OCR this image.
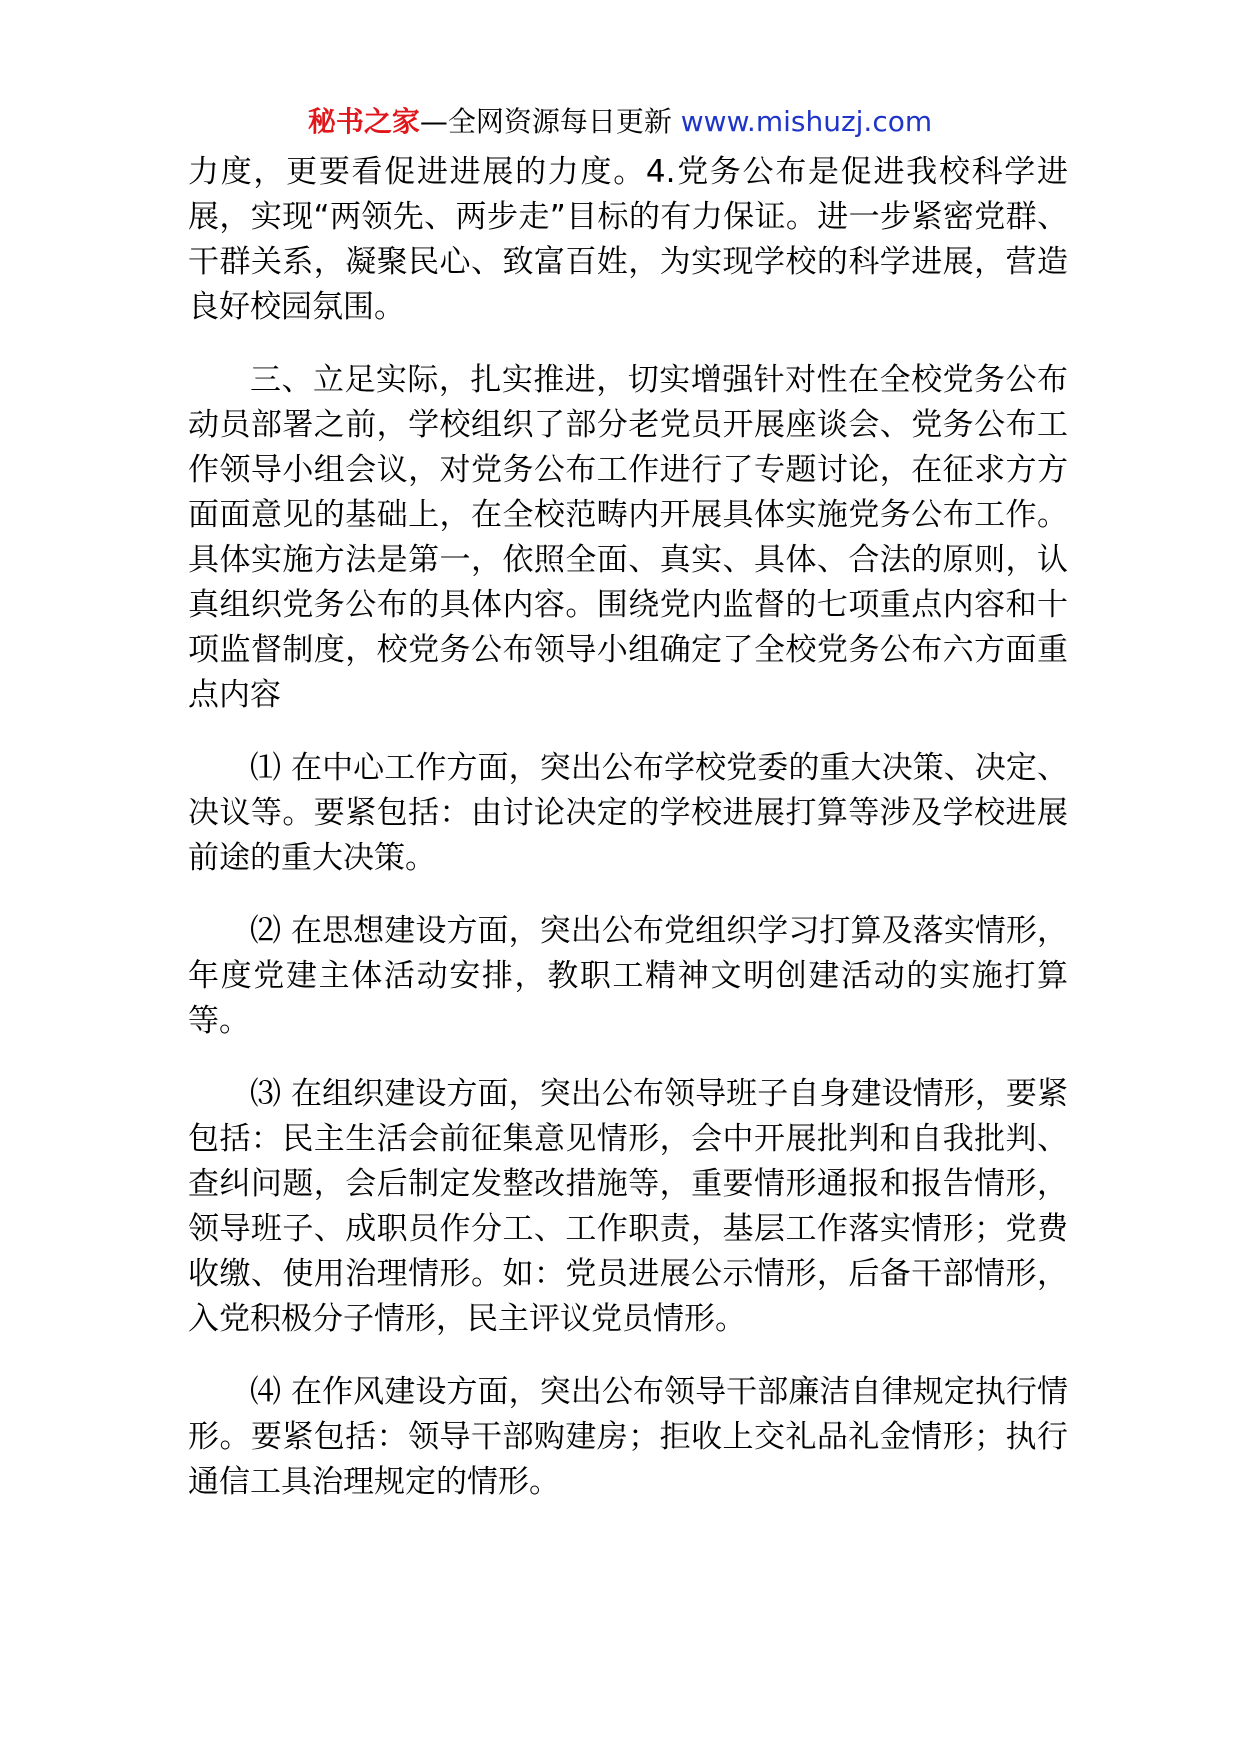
秘书之家—全网资源每日更新 www.mishuzj.com

力度，更要看促进进展的力度。4.党务公布是促进我校科学进展，实现“两领先、两步走”目标的有力保证。进一步紧密党群、干群关系，凝聚民心、致富百姓，为实现学校的科学进展，营造良好校园氛围。

三、立足实际，扎实推进，切实增强针对性在全校党务公布动员部署之前，学校组织了部分老党员开展座谈会、党务公布工作领导小组会议，对党务公布工作进行了专题讨论，在征求方方面面意见的基础上，在全校范畴内开展具体实施党务公布工作。具体实施方法是第一，依照全面、真实、具体、合法的原则，认真组织党务公布的具体内容。围绕党内监督的七项重点内容和十项监督制度，校党务公布领导小组确定了全校党务公布六方面重点内容

⑴ 在中心工作方面，突出公布学校党委的重大决策、决定、决议等。要紧包括：由讨论决定的学校进展打算等涉及学校进展前途的重大决策。

⑵ 在思想建设方面，突出公布党组织学习打算及落实情形，年度党建主体活动安排，教职工精神文明创建活动的实施打算等。

⑶ 在组织建设方面，突出公布领导班子自身建设情形，要紧包括：民主生活会前征集意见情形，会中开展批判和自我批判、查纠问题，会后制定发整改措施等，重要情形通报和报告情形，领导班子、成职员作分工、工作职责，基层工作落实情形；党费收缴、使用治理情形。如：党员进展公示情形，后备干部情形，入党积极分子情形，民主评议党员情形。

⑷ 在作风建设方面，突出公布领导干部廉洁自律规定执行情形。要紧包括：领导干部购建房；拒收上交礼品礼金情形；执行通信工具治理规定的情形。
